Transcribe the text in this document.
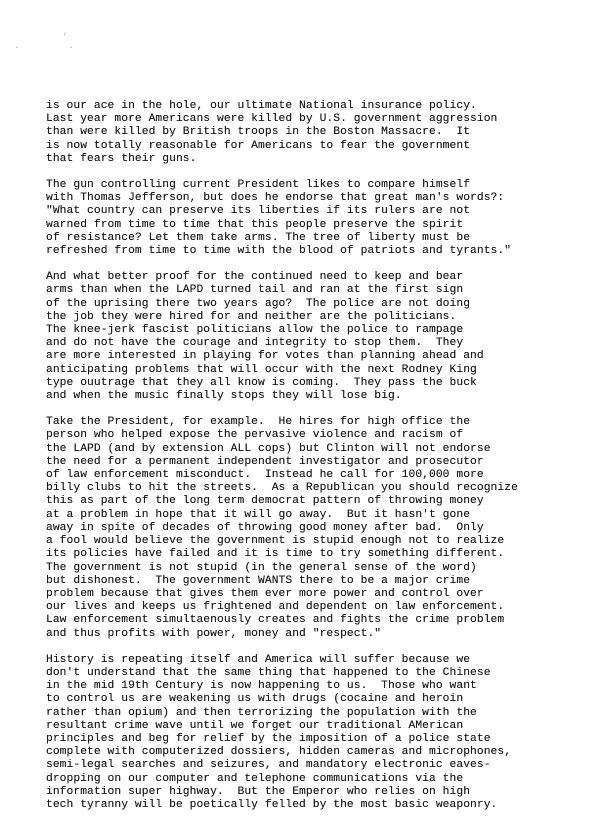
·
’
·
is our ace in the hole, our ultimate National insurance policy.
Last year more Americans were killed by U.S. government aggression
than were killed by British troops in the Boston Massacre.  It
is now totally reasonable for Americans to fear the government
that fears their guns.
The gun controlling current President likes to compare himself
with Thomas Jefferson, but does he endorse that great man's words?:
"What country can preserve its liberties if its rulers are not
warned from time to time that this people preserve the spirit
of resistance? Let them take arms. The tree of liberty must be
refreshed from time to time with the blood of patriots and tyrants."
And what better proof for the continued need to keep and bear
arms than when the LAPD turned tail and ran at the first sign
of the uprising there two years ago?  The police are not doing
the job they were hired for and neither are the politicians.
The knee-jerk fascist politicians allow the police to rampage
and do not have the courage and integrity to stop them.  They
are more interested in playing for votes than planning ahead and
anticipating problems that will occur with the next Rodney King
type ouutrage that they all know is coming.  They pass the buck
and when the music finally stops they will lose big.
Take the President, for example.  He hires for high office the
person who helped expose the pervasive violence and racism of
the LAPD (and by extension ALL cops) but Clinton will not endorse
the need for a permanent independent investigator and prosecutor
of law enforcement misconduct.  Instead he call for 100,000 more
billy clubs to hit the streets.  As a Republican you should recognize
this as part of the long term democrat pattern of throwing money
at a problem in hope that it will go away.  But it hasn't gone
away in spite of decades of throwing good money after bad.  Only
a fool would believe the government is stupid enough not to realize
its policies have failed and it is time to try something different.
The government is not stupid (in the general sense of the word)
but dishonest.  The government WANTS there to be a major crime
problem because that gives them ever more power and control over
our lives and keeps us frightened and dependent on law enforcement.
Law enforcement simultaenously creates and fights the crime problem
and thus profits with power, money and "respect."
History is repeating itself and America will suffer because we
don't understand that the same thing that happened to the Chinese
in the mid 19th Century is now happening to us.  Those who want
to control us are weakening us with drugs (cocaine and heroin
rather than opium) and then terrorizing the population with the
resultant crime wave until we forget our traditional AMerican
principles and beg for relief by the imposition of a police state
complete with computerized dossiers, hidden cameras and microphones,
semi-legal searches and seizures, and mandatory electronic eaves-
dropping on our computer and telephone communications via the
information super highway.  But the Emperor who relies on high
tech tyranny will be poetically felled by the most basic weaponry.
